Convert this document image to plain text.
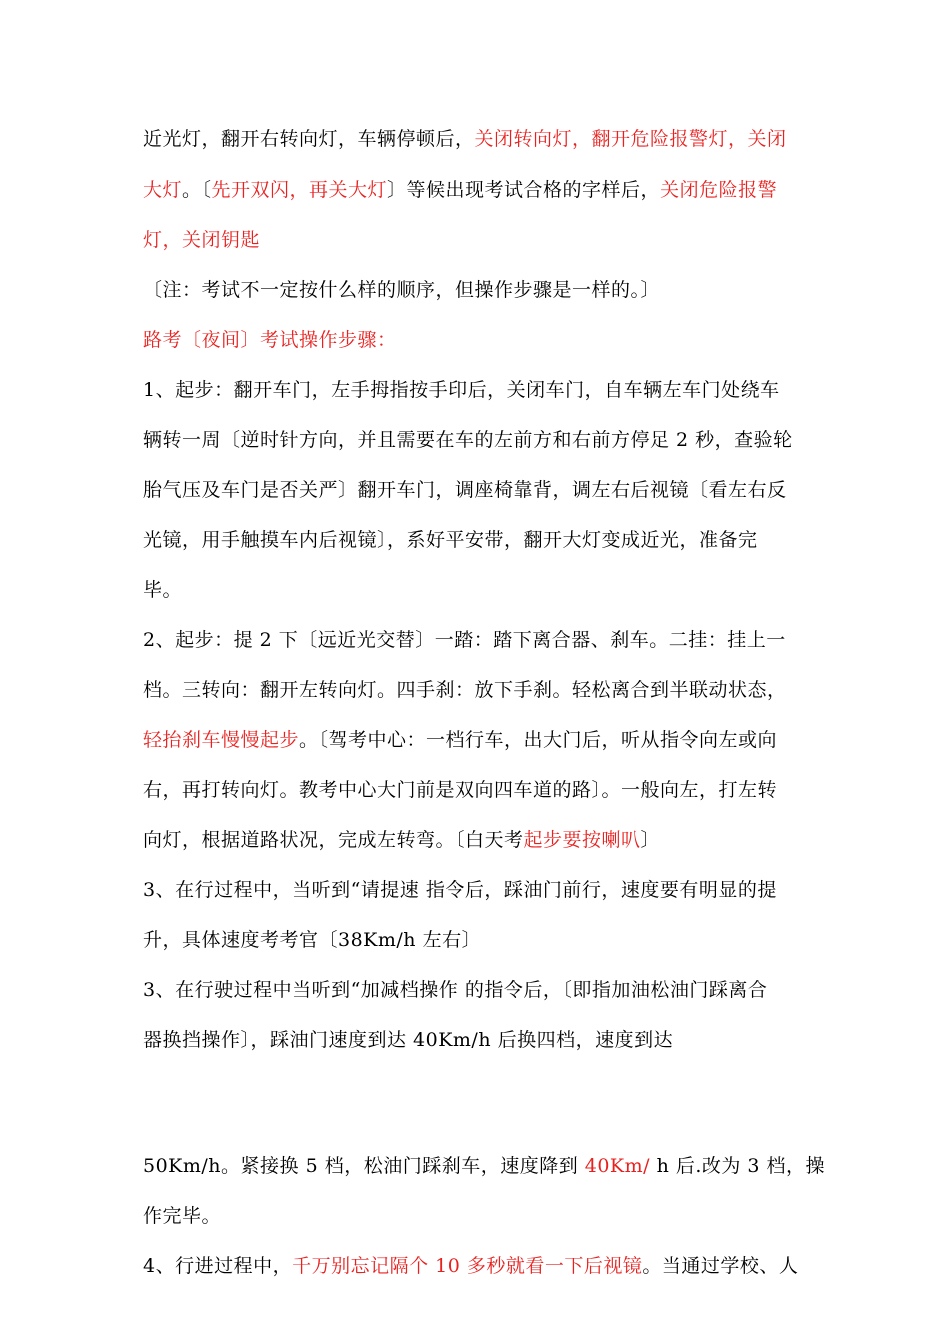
近光灯，翻开右转向灯，车辆停顿后，关闭转向灯，翻开危险报警灯，关闭
大灯。〔先开双闪，再关大灯〕等候出现考试合格的字样后，关闭危险报警
灯，关闭钥匙
〔注：考试不一定按什么样的顺序，但操作步骤是一样的。〕
路考〔夜间〕考试操作步骤：
1、起步：翻开车门，左手拇指按手印后，关闭车门，自车辆左车门处绕车
辆转一周〔逆时针方向，并且需要在车的左前方和右前方停足 2 秒，查验轮
胎气压及车门是否关严〕翻开车门，调座椅靠背，调左右后视镜〔看左右反
光镜，用手触摸车内后视镜〕，系好平安带，翻开大灯变成近光，准备完
毕。
2、起步：提 2 下〔远近光交替〕一踏：踏下离合器、刹车。二挂：挂上一
档。三转向：翻开左转向灯。四手刹：放下手刹。轻松离合到半联动状态，
轻抬刹车慢慢起步。〔驾考中心：一档行车，出大门后，听从指令向左或向
右，再打转向灯。教考中心大门前是双向四车道的路〕。一般向左，打左转
向灯，根据道路状况，完成左转弯。〔白天考起步要按喇叭〕
3、在行过程中，当听到“请提速 指令后，踩油门前行，速度要有明显的提
升，具体速度考考官〔38Km/h 左右〕
3、在行驶过程中当听到“加减档操作 的指令后，〔即指加油松油门踩离合
器换挡操作〕，踩油门速度到达 40Km/h 后换四档，速度到达
50Km/h。紧接换 5 档，松油门踩刹车，速度降到 40Km/ h 后.改为 3 档，操
作完毕。
4、行进过程中，千万别忘记隔个 10 多秒就看一下后视镜。当通过学校、人
